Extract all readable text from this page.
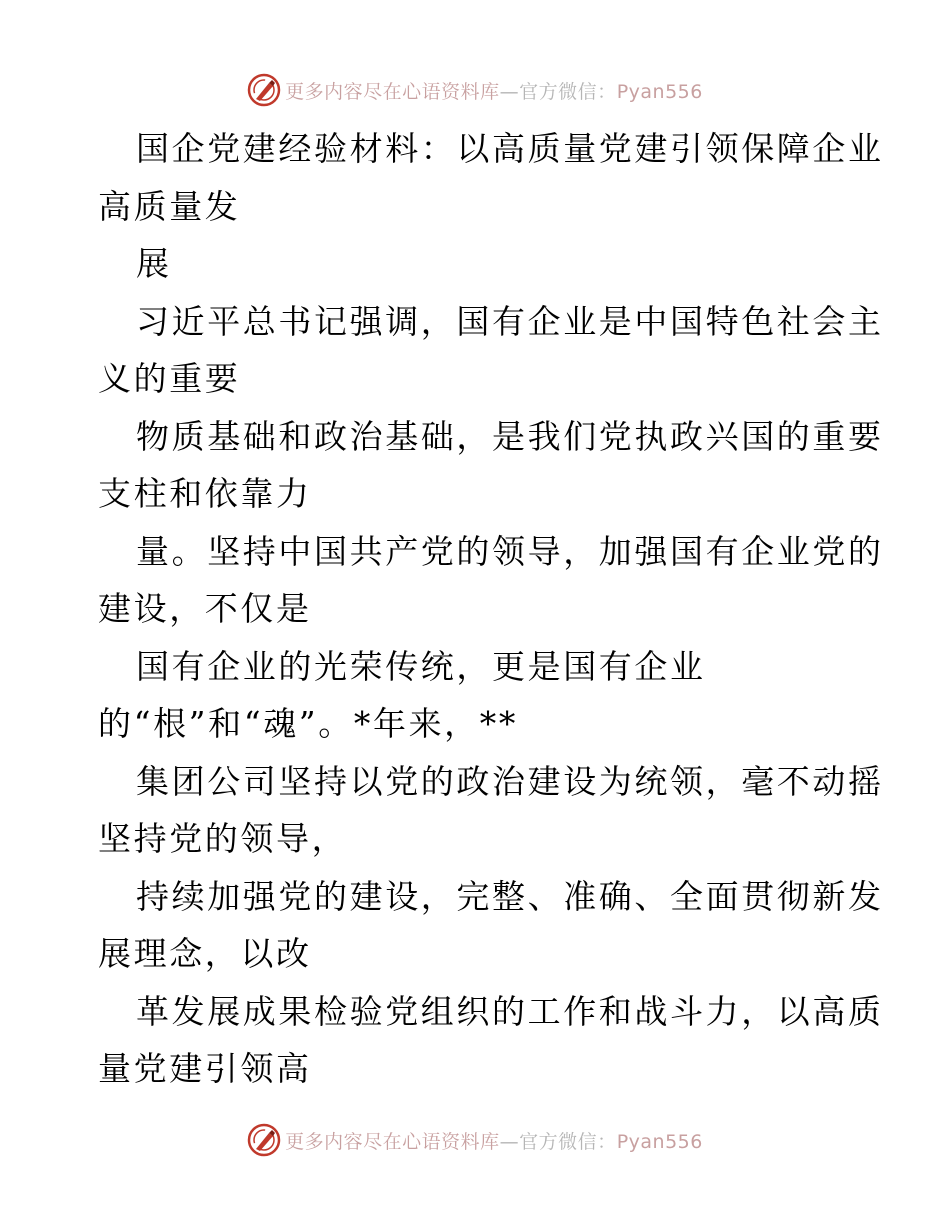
更多内容尽在心语资料库—官方微信：Pyan556
国企党建经验材料：以高质量党建引领保障企业
高质量发
展
习近平总书记强调，国有企业是中国特色社会主
义的重要
物质基础和政治基础，是我们党执政兴国的重要
支柱和依靠力
量。坚持中国共产党的领导，加强国有企业党的
建设，不仅是
国有企业的光荣传统，更是国有企业
的“根”和“魂”。*年来，**
集团公司坚持以党的政治建设为统领，毫不动摇
坚持党的领导，
持续加强党的建设，完整、准确、全面贯彻新发
展理念，以改
革发展成果检验党组织的工作和战斗力，以高质
量党建引领高
更多内容尽在心语资料库—官方微信：Pyan556
